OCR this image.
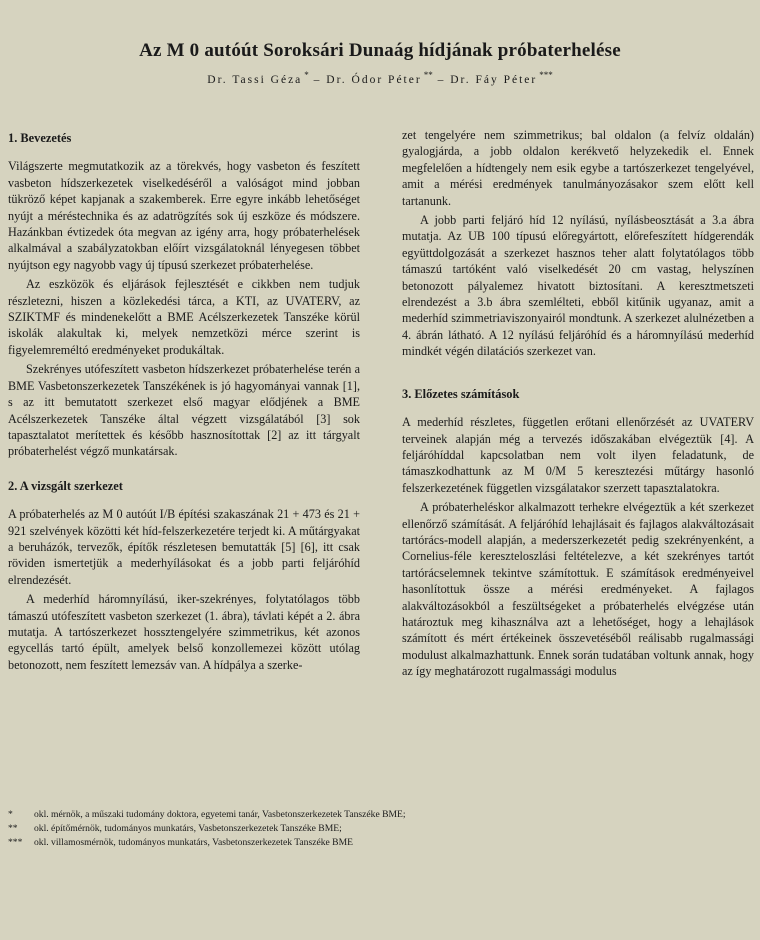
Az M 0 autóút Soroksári Dunaág hídjának próbaterhelése
Dr. Tassi Géza * – Dr. Ódor Péter ** – Dr. Fáy Péter ***
1. Bevezetés

Világszerte megmutatkozik az a törekvés, hogy vasbeton és feszített vasbeton hídszerkezetek viselkedéséről a valóságot mind jobban tükröző képet kapjanak a szakemberek. Erre egyre inkább lehetőséget nyújt a méréstechnika és az adatrögzítés sok új eszköze és módszere. Hazánkban évtizedek óta megvan az igény arra, hogy próbaterhelések alkalmával a szabályzatokban előírt vizsgálatoknál lényegesen többet nyújtson egy nagyobb vagy új típusú szerkezet próbaterhelése.

Az eszközök és eljárások fejlesztését e cikkben nem tudjuk részletezni, hiszen a közlekedési tárca, a KTI, az UVATERV, az SZIKTMF és mindenekelőtt a BME Acélszerkezetek Tanszéke körül iskolák alakultak ki, melyek nemzetközi mérce szerint is figyelemreméltó eredményeket produkáltak.

Szekrényes utófeszített vasbeton hídszerkezet próbaterhelése terén a BME Vasbetonszerkezetek Tanszékének is jó hagyományai vannak [1], s az itt bemutatott szerkezet első magyar elődjének a BME Acélszerkezetek Tanszéke által végzett vizsgálatából [3] sok tapasztalatot merítettek és később hasznosítottak [2] az itt tárgyalt próbaterhelést végző munkatársak.

2. A vizsgált szerkezet

A próbaterhelés az M 0 autóút I/B építési szakaszának 21 + 473 és 21 + 921 szelvények közötti két híd-felszerkezetére terjedt ki. A műtárgyakat a beruházók, tervezők, építők részletesen bemutatták [5] [6], itt csak röviden ismertetjük a mederhyílásokat és a jobb parti feljáróhíd elrendezését.

A mederhíd háromnyílású, iker-szekrényes, folytatólagos több támaszú utófeszített vasbeton szerkezet (1. ábra), távlati képét a 2. ábra mutatja. A tartószerkezet hossztengelyére szimmetrikus, két azonos egycellás tartó épült, amelyek belső konzollemezei között utólag betonozott, nem feszített lemezsáv van. A hídpálya a szerke-

zet tengelyére nem szimmetrikus; bal oldalon (a felvíz oldalán) gyalogjárda, a jobb oldalon kerékvető helyzekedik el. Ennek megfelelően a hídtengely nem esik egybe a tartószerkezet tengelyével, amit a mérési eredmények tanulmányozásakor szem előtt kell tartanunk.

A jobb parti feljáró híd 12 nyílású, nyílásbeosztását a 3.a ábra mutatja. Az UB 100 típusú előregyártott, előrefeszített hídgerendák együttdolgozását a szerkezet hasznos teher alatt folytatólagos több támaszú tartóként való viselkedését 20 cm vastag, helyszínen betonozott pályalemez hivatott biztosítani. A keresztmetszeti elrendezést a 3.b ábra szemlélteti, ebből kitűnik ugyanaz, amit a mederhíd szimmetriaviszonyairól mondtunk. A szerkezet alulnézetben a 4. ábrán látható. A 12 nyílású feljáróhíd és a háromnyílású mederhíd mindkét végén dilatációs szerkezet van.

3. Előzetes számítások

A mederhíd részletes, független erőtani ellenőrzését az UVATERV terveinek alapján még a tervezés időszakában elvégeztük [4]. A feljáróhíddal kapcsolatban nem volt ilyen feladatunk, de támaszkodhattunk az M 0/M 5 keresztezési műtárgy hasonló felszerkezetének független vizsgálatakor szerzett tapasztalatokra.

A próbaterheléskor alkalmazott terhekre elvégeztük a két szerkezet ellenőrző számítását. A feljáróhíd lehajlásait és fajlagos alakváltozásait tartórács-modell alapján, a mederszerkezetét pedig szekrényenként, a Cornelius-féle kereszteloszlási feltételezve, a két szekrényes tartót tartórácselemnek tekintve számítottuk. E számítások eredményeivel hasonlítottuk össze a mérési eredményeket. A fajlagos alakváltozásokból a feszültségeket a próbaterhelés elvégzése után határoztuk meg kihasználva azt a lehetőséget, hogy a lehajlások számított és mért értékeinek összevetéséből reálisabb rugalmassági modulust alkalmazhattunk. Ennek során tudatában voltunk annak, hogy az így meghatározott rugalmassági modulus

*	okl. mérnök, a műszaki tudomány doktora, egyetemi tanár, Vasbetonszerkezetek Tanszéke BME;
**	okl. építőmérnök, tudományos munkatárs, Vasbetonszerkezetek Tanszéke BME;
***	okl. villamosmérnök, tudományos munkatárs, Vasbetonszerkezetek Tanszéke BME
